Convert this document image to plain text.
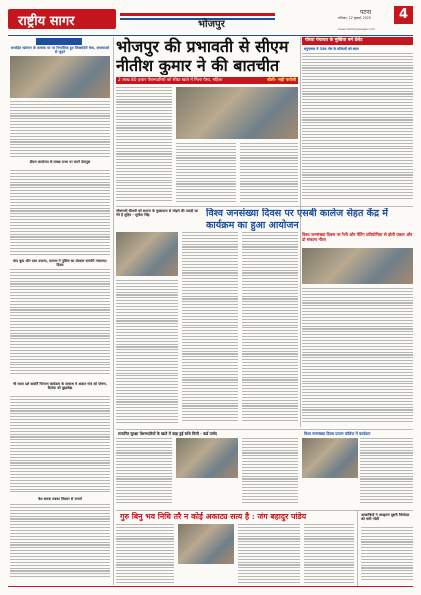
राष्ट्रीय सागर	भोजपुर
पटना
शनिवार, 12 जुलाई, 2025
www.rashtriyasagar.com
4
समाहित खोलान के कमांक पर पर निर्णायिक हुए सिस्सोदेरी मेवा, समस्याओं से जुड़ने
डीएम कार्यालय से लाखा वन्ध्य पर करने देवानुस
चांद बूधा और प्राण उपाध्य, सतरण ने पुलिस का संरक्षण बनायेंगे नरसमथ/दिवस
भी माला दर्श बावर्ति चिनरण कार्यक्रम के सम्बन्ध मे अज्ञात गांव को पोषण, दिनांक को बुझवोडा
वैश समवा तबका विस्तार से लगायें
भोजपुर की प्रभावती से सीएम नीतीश कुमार ने की बातचीत
2 लाख 80 हजार पेंशनधारियों को सीधा खाते में मिला पैसा, महिला	बोली- सही फरोशी
पोरवा पंचायत के मुखिया बने डेलेट
बनुंगलाल में 356 नोट के प्रतिदारी को स्माट
भीषणजी बीमारी को समाज के मुख्यधारा से जोड़ने की याददी का नेते है मुहिम - सुनीता सिंह	विश्व जनसंख्या दिवस पर एसबी कालेज सेहत केंद्र में कार्यक्रम का हुआ आयोजन
विश्व जनसंख्या दिवस पर रैली और पेंटिंग प्रतियोगिता से होती प्रकार और दो संकल्प नीला
समागित सुरक्षा पेंशनधारियों के खाते में कहा हुई राशि मिली - वार्ड पार्षद	विश्व जनसंख्या दिवस प्रमाण कॉलेज में कार्यक्रम
गुरु बिनु भव निधि तरै न कोई अकाट्य सत्य है : जंग बहादुर पांडेय	अपराधियों ने अपहरण दूसरी जिलेदार को मारी गोली
